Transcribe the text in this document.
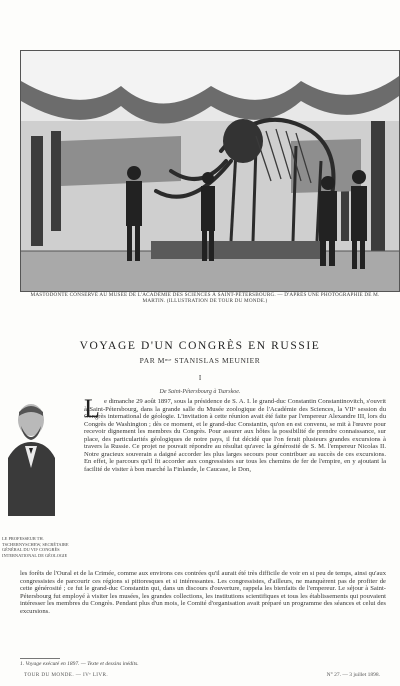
MASTODONTE CONSERVÉ AU MUSÉE DE L'ACADÉMIE DES SCIENCES À SAINT-PÉTERSBOURG. — D'APRÈS UNE PHOTOGRAPHIE DE M. MARTIN. (ILLUSTRATION DE TOUR DU MONDE.)
VOYAGE D'UN CONGRÈS EN RUSSIE
PAR Mᵐᵉ STANISLAS MEUNIER
I
De Saint-Pétersbourg à Tsarskoe.
LE PROFESSEUR TH. TSCHERNYSCHEW, SECRÉTAIRE GÉNÉRAL DU VIIᵉ CONGRÈS INTERNATIONAL DE GÉOLOGIE
L e dimanche 29 août 1897, sous la présidence de S. A. I. le grand-duc Constantin Constantinovitch, s'ouvrit à Saint-Pétersbourg, dans la grande salle du Musée zoologique de l'Académie des Sciences, la VIIᵉ session du Congrès international de géologie. L'invitation à cette réunion avait été faite par l'empereur Alexandre III, lors du Congrès de Washington ; dès ce moment, et le grand-duc Constantin, qu'on en est convenu, se mit à l'œuvre pour recevoir dignement les membres du Congrès. Pour assurer aux hôtes la possibilité de prendre connaissance, sur place, des particularités géologiques de notre pays, il fut décidé que l'on ferait plusieurs grandes excursions à travers la Russie. Ce projet ne pouvait répondre au résultat qu'avec la générosité de S. M. l'empereur Nicolas II. Notre gracieux souverain a daigné accorder les plus larges secours pour contribuer au succès de ces excursions. En effet, le parcours qu'il fit accorder aux congressistes sur tous les chemins de fer de l'empire, en y ajoutant la facilité de visiter à bon marché la Finlande, le Caucase, le Don,

les forêts de l'Oural et de la Crimée, comme aux environs ces contrées qu'il aurait été très difficile de voir en si peu de temps, ainsi qu'aux congressistes de parcourir ces régions si pittoresques et si intéressantes. Les congressistes, d'ailleurs, ne manquèrent pas de profiter de cette générosité ; ce fut le grand-duc Constantin qui, dans un discours d'ouverture, rappela les bienfaits de l'empereur. Le séjour à Saint-Pétersbourg fut employé à visiter les musées, les grandes collections, les institutions scientifiques et tous les établissements qui pouvaient intéresser les membres du Congrès. Pendant plus d'un mois, le Comité d'organisation avait préparé un programme des séances et celui des excursions.

1. Voyage exécuté en 1897. — Texte et dessins inédits.
TOUR DU MONDE. — IVᵉ LIVR.	N° 27. — 3 juillet 1898.
